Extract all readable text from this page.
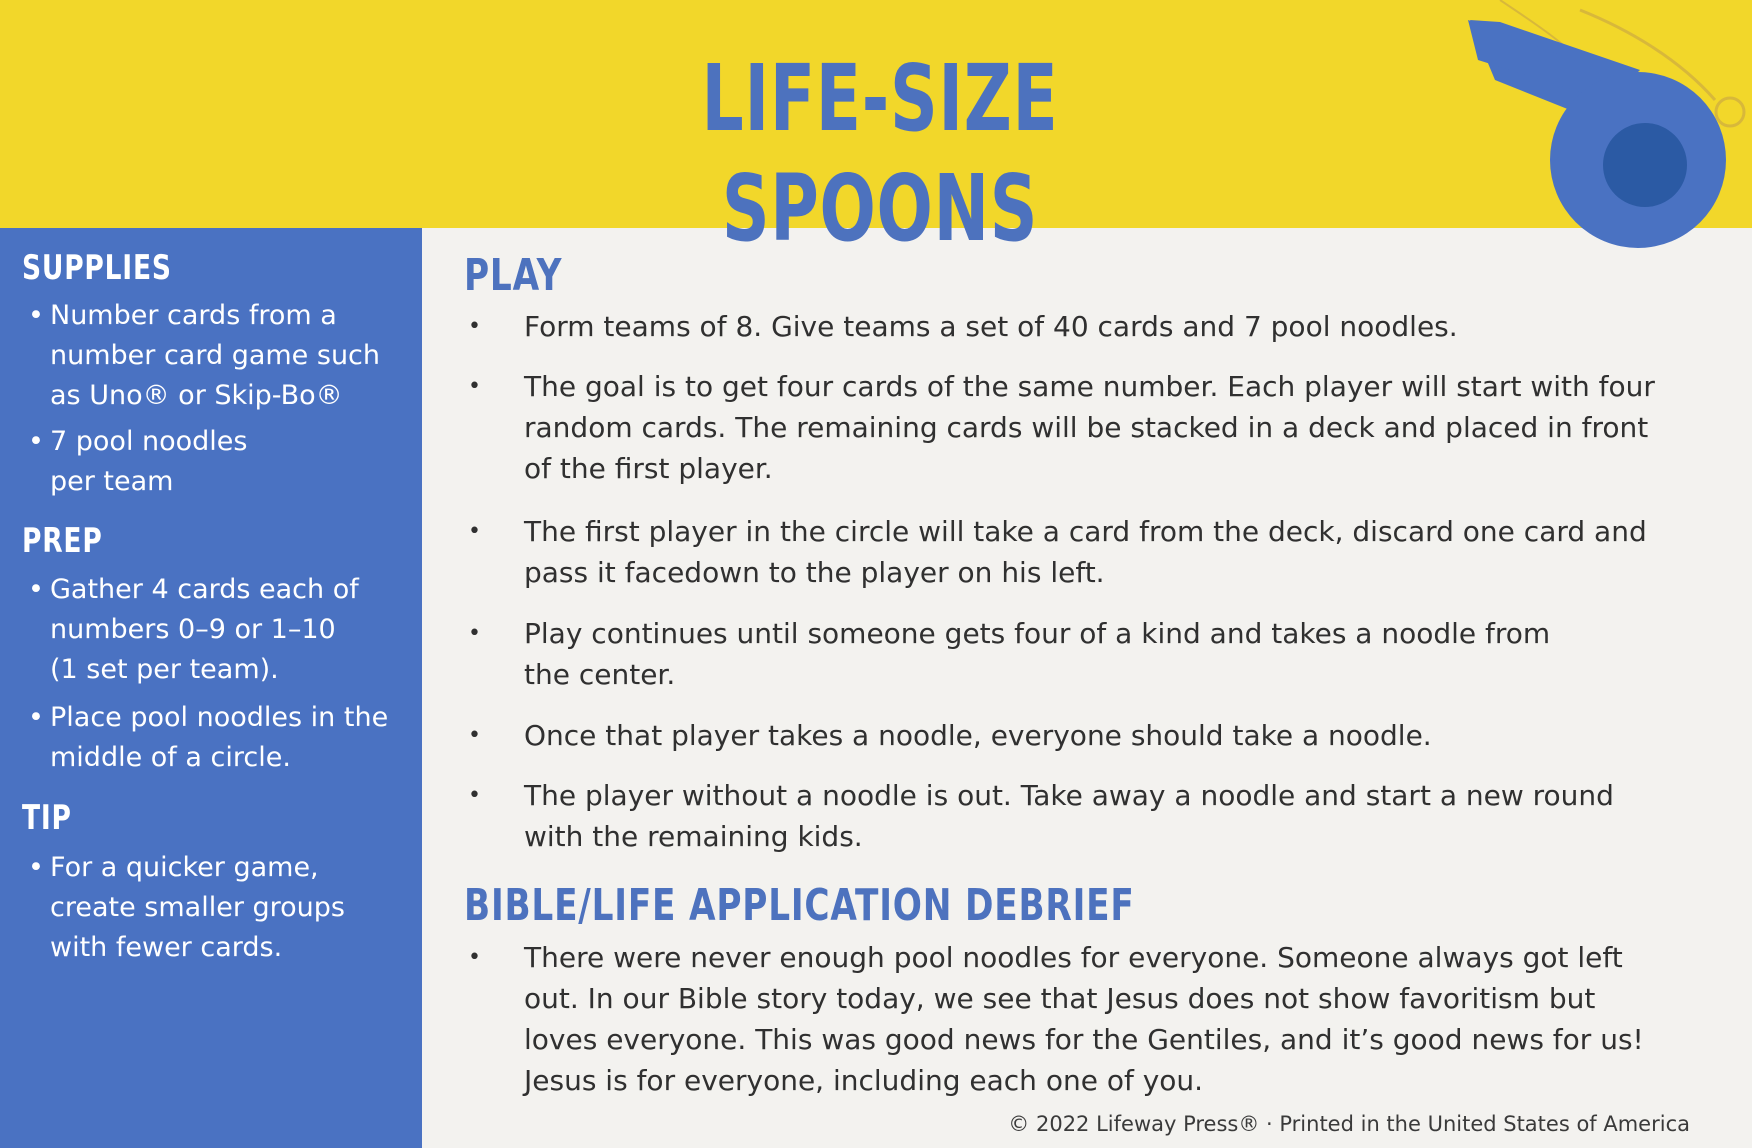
LIFE-SIZE SPOONS
SUPPLIES
• Number cards from a
number card game such
as Uno® or Skip-Bo®
• 7 pool noodles
per team
PREP
• Gather 4 cards each of
numbers 0–9 or 1–10
(1 set per team).
• Place pool noodles in the
middle of a circle.
TIP
• For a quicker game,
create smaller groups
with fewer cards.
PLAY
• Form teams of 8. Give teams a set of 40 cards and 7 pool noodles.
• The goal is to get four cards of the same number. Each player will start with four
random cards. The remaining cards will be stacked in a deck and placed in front
of the first player.
• The first player in the circle will take a card from the deck, discard one card and
pass it facedown to the player on his left.
• Play continues until someone gets four of a kind and takes a noodle from
the center.
• Once that player takes a noodle, everyone should take a noodle.
• The player without a noodle is out. Take away a noodle and start a new round
with the remaining kids.
BIBLE/LIFE APPLICATION DEBRIEF
• There were never enough pool noodles for everyone. Someone always got left
out. In our Bible story today, we see that Jesus does not show favoritism but
loves everyone. This was good news for the Gentiles, and it’s good news for us!
Jesus is for everyone, including each one of you.
© 2022 Lifeway Press® · Printed in the United States of America
